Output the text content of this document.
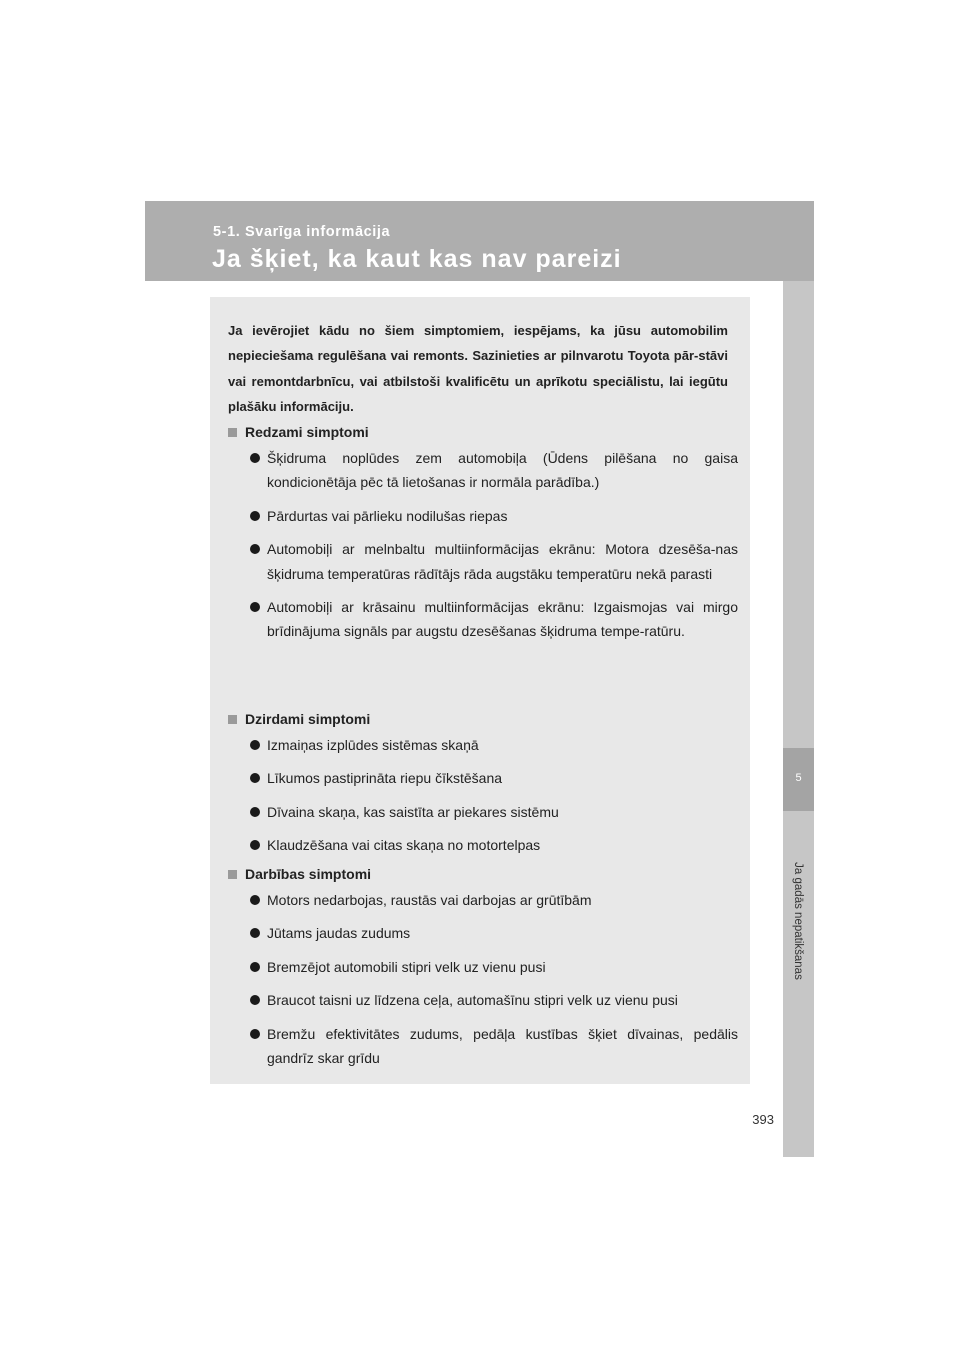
5-1. Svarīga informācija
Ja šķiet, ka kaut kas nav pareizi
5
Ja gadās nepatikšanas
Ja ievērojiet kādu no šiem simptomiem, iespējams, ka jūsu automobilim nepieciešama regulēšana vai remonts. Sazinieties ar pilnvarotu Toyota pār-stāvi vai remontdarbnīcu, vai atbilstoši kvalificētu un aprīkotu speciālistu, lai iegūtu plašāku informāciju.
Redzami simptomi
Šķidruma noplūdes zem automobiļa (Ūdens pilēšana no gaisa kondicionētāja pēc tā lietošanas ir normāla parādība.)
Pārdurtas vai pārlieku nodilušas riepas
Automobiļi ar melnbaltu multiinformācijas ekrānu: Motora dzesēša-nas šķidruma temperatūras rādītājs rāda augstāku temperatūru nekā parasti
Automobiļi ar krāsainu multiinformācijas ekrānu: Izgaismojas vai mirgo brīdinājuma signāls par augstu dzesēšanas šķidruma tempe-ratūru.
Dzirdami simptomi
Izmaiņas izplūdes sistēmas skaņā
Līkumos pastiprināta riepu čīkstēšana
Dīvaina skaņa, kas saistīta ar piekares sistēmu
Klaudzēšana vai citas skaņa no motortelpas
Darbības simptomi
Motors nedarbojas, raustās vai darbojas ar grūtībām
Jūtams jaudas zudums
Bremzējot automobili stipri velk uz vienu pusi
Braucot taisni uz līdzena ceļa, automašīnu stipri velk uz vienu pusi
Bremžu efektivitātes zudums, pedāļa kustības šķiet dīvainas, pedālis gandrīz skar grīdu
393
